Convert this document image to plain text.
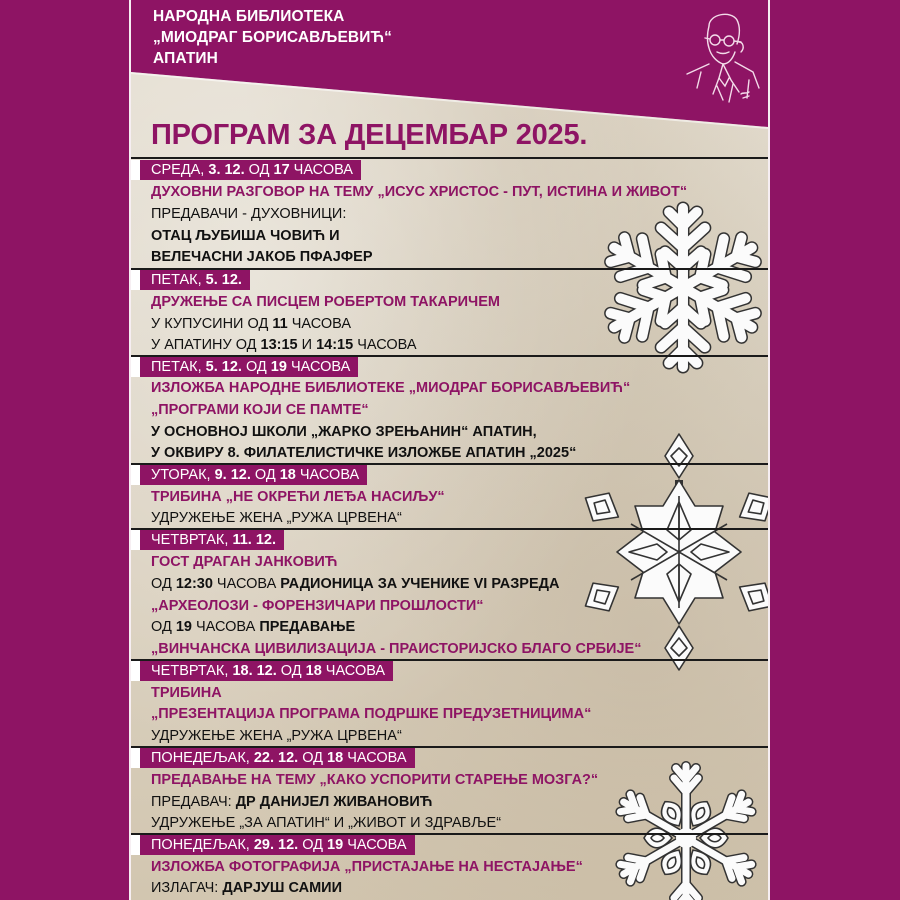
НАРОДНА БИБЛИОТЕКА
„МИОДРАГ БОРИСАВЉЕВИЋ“
АПАТИН
ПРОГРАМ ЗА ДЕЦЕМБАР 2025.
СРЕДА, 3. 12. ОД 17 ЧАСОВА
ДУХОВНИ РАЗГОВОР НА ТЕМУ „ИСУС ХРИСТОС - ПУТ, ИСТИНА И ЖИВОТ“
ПРЕДАВАЧИ - ДУХОВНИЦИ:
ОТАЦ ЉУБИША ЧОВИЋ И
ВЕЛЕЧАСНИ ЈАКОБ ПФАЈФЕР
ПЕТАК, 5. 12.
ДРУЖЕЊЕ СА ПИСЦЕМ РОБЕРТОМ ТАКАРИЧЕМ
У КУПУСИНИ ОД 11 ЧАСОВА
У АПАТИНУ ОД 13:15 И 14:15 ЧАСОВА
ПЕТАК, 5. 12. ОД 19 ЧАСОВА
ИЗЛОЖБА НАРОДНЕ БИБЛИОТЕКЕ „МИОДРАГ БОРИСАВЉЕВИЋ“
„ПРОГРАМИ КОЈИ СЕ ПАМТЕ“
У ОСНОВНОЈ ШКОЛИ „ЖАРКО ЗРЕЊАНИН“ АПАТИН,
У ОКВИРУ 8. ФИЛАТЕЛИСТИЧКЕ ИЗЛОЖБЕ АПАТИН „2025“
УТОРАК, 9. 12. ОД 18 ЧАСОВА
ТРИБИНА „НЕ ОКРЕЋИ ЛЕЂА НАСИЉУ“
УДРУЖЕЊЕ ЖЕНА „РУЖА ЦРВЕНА“
ЧЕТВРТАК, 11. 12.
ГОСТ ДРАГАН ЈАНКОВИЋ
ОД 12:30 ЧАСОВА РАДИОНИЦА ЗА УЧЕНИКЕ VI РАЗРЕДА
„АРХЕОЛОЗИ - ФОРЕНЗИЧАРИ ПРОШЛОСТИ“
ОД 19 ЧАСОВА ПРЕДАВАЊЕ
„ВИНЧАНСКА ЦИВИЛИЗАЦИЈА - ПРАИСТОРИЈСКО БЛАГО СРБИЈЕ“
ЧЕТВРТАК, 18. 12. ОД 18 ЧАСОВА
ТРИБИНА
„ПРЕЗЕНТАЦИЈА ПРОГРАМА ПОДРШКЕ ПРЕДУЗЕТНИЦИМА“
УДРУЖЕЊЕ ЖЕНА „РУЖА ЦРВЕНА“
ПОНЕДЕЉАК, 22. 12. ОД 18 ЧАСОВА
ПРЕДАВАЊЕ НА ТЕМУ „КАКО УСПОРИТИ СТАРЕЊЕ МОЗГА?“
ПРЕДАВАЧ: ДР ДАНИЈЕЛ ЖИВАНОВИЋ
УДРУЖЕЊЕ „ЗА АПАТИН“ И „ЖИВОТ И ЗДРАВЉЕ“
ПОНЕДЕЉАК, 29. 12. ОД 19 ЧАСОВА
ИЗЛОЖБА ФОТОГРАФИЈА „ПРИСТАЈАЊЕ НА НЕСТАЈАЊЕ“
ИЗЛАГАЧ: ДАРЈУШ САМИИ
